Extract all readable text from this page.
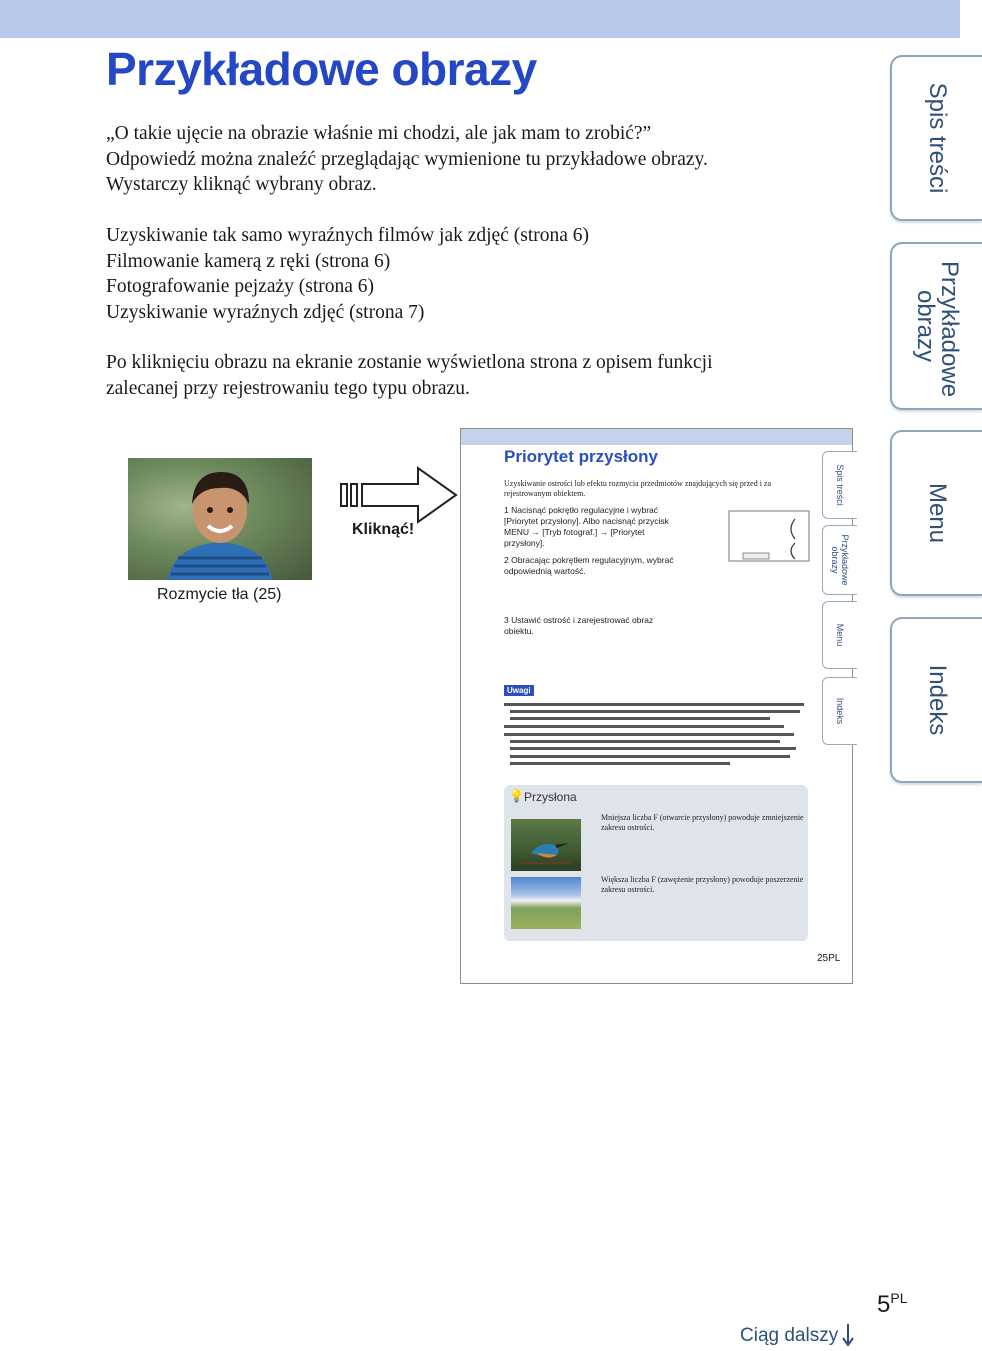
Przykładowe obrazy

„O takie ujęcie na obrazie właśnie mi chodzi, ale jak mam to zrobić?”

Odpowiedź można znaleźć przeglądając wymienione tu przykładowe obrazy.

Wystarczy kliknąć wybrany obraz.

Uzyskiwanie tak samo wyraźnych filmów jak zdjęć (strona 6)

Filmowanie kamerą z ręki (strona 6)

Fotografowanie pejzaży (strona 6)

Uzyskiwanie wyraźnych zdjęć (strona 7)

Po kliknięciu obrazu na ekranie zostanie wyświetlona strona z opisem funkcji

zalecanej przy rejestrowaniu tego typu obrazu.

Spis treści
Przykładowe obrazy
Menu
Indeks
Rozmycie tła (25)
Kliknąć!
Priorytet przysłony
Uzyskiwanie ostrości lub efektu rozmycia przedmiotów znajdujących się przed i za rejestrowanym obiektem.
1 Nacisnąć pokrętło regulacyjne i wybrać [Priorytet przysłony]. Albo nacisnąć przycisk MENU → [Tryb fotograf.] → [Priorytet przysłony].
2 Obracając pokrętłem regulacyjnym, wybrać odpowiednią wartość.
3 Ustawić ostrość i zarejestrować obraz obiektu.
Uwagi
💡 Przysłona
Mniejsza liczba F (otwarcie przysłony) powoduje zmniejszenie zakresu ostrości.
Większa liczba F (zawężenie przysłony) powoduje poszerzenie zakresu ostrości.
25PL
Spis treści
Przykładowe obrazy
Menu
Indeks
$5^{PL}$
Ciąg dalszy
